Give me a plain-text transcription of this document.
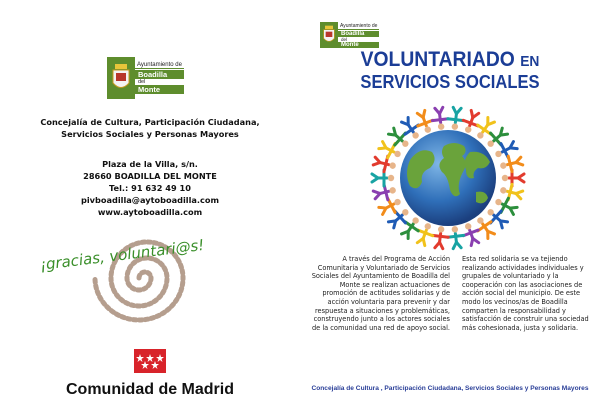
Ayuntamiento de
Boadilla
del
Monte
Concejalía de Cultura, Participación Ciudadana,
Servicios Sociales y Personas Mayores
Plaza de la Villa, s/n.
28660 BOADILLA DEL MONTE
Tel.: 91 632 49 10
pivboadilla@aytoboadilla.com
www.aytoboadilla.com
¡gracias, voluntari@s!
Comunidad de Madrid
Ayuntamiento de
Boadilla
del
Monte
VOLUNTARIADO EN
SERVICIOS SOCIALES
A través del Programa de Acción Comunitaria y Voluntariado de Servicios Sociales del Ayuntamiento de Boadilla del Monte se realizan actuaciones de promoción de actitudes solidarias y de acción voluntaria para prevenir y dar respuesta a situaciones y problemáticas, construyendo junto a los actores sociales de la comunidad una red de apoyo social.
Esta red solidaria se va tejiendo realizando actividades individuales y grupales de voluntariado y la cooperación con las asociaciones de acción social del municipio. De este modo los vecinos/as de Boadilla comparten la responsabilidad y satisfacción de construir una sociedad más cohesionada, justa y solidaria.
Concejalía de Cultura , Participación Ciudadana, Servicios Sociales y Personas Mayores
